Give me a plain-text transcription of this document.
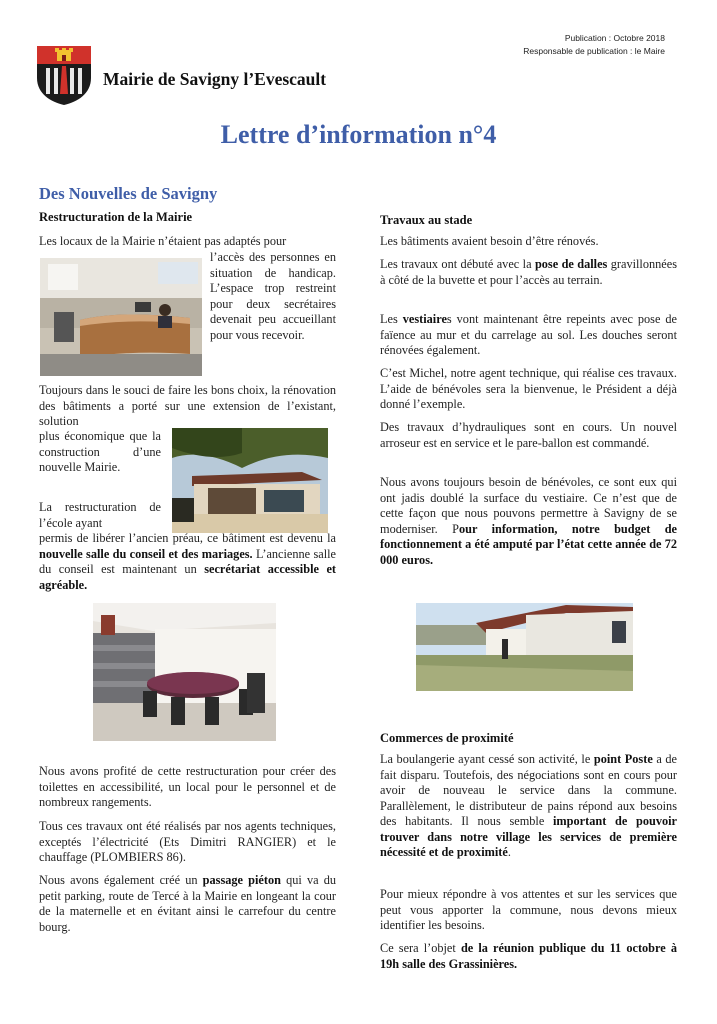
Publication : Octobre 2018
Responsable de publication : le Maire
Mairie de Savigny l’Evescault
Lettre d’information n°4
Des Nouvelles de Savigny
Restructuration de la Mairie

Les locaux de la Mairie n’étaient pas adaptés pour

l’accès des personnes en situation de handicap. L’espace trop restreint pour deux secrétaires devenait peu accueillant pour vous recevoir.

Toujours dans le souci de faire les bons choix, la rénovation des bâtiments a porté sur une extension de l’existant, solution

plus économique que la construction d’une nouvelle Mairie.

La restructuration de l’école ayant

permis de libérer l’ancien préau, ce bâtiment est devenu la nouvelle salle du conseil et des mariages. L’ancienne salle du conseil est maintenant un secrétariat accessible et agréable.

Nous avons profité de cette restructuration pour créer des toilettes en accessibilité, un local pour le personnel et de nombreux rangements.

Tous ces travaux ont été réalisés par nos agents techniques, exceptés l’électricité (Ets Dimitri RANGIER) et le chauffage (PLOMBIERS 86).

Nous avons également créé un passage piéton qui va du petit parking, route de Tercé à la Mairie en longeant la cour de la maternelle et en évitant ainsi le carrefour du centre bourg.

Travaux au stade

Les bâtiments avaient besoin d’être rénovés.

Les travaux ont débuté avec la pose de dalles gravillonnées à côté de la buvette et pour l’accès au terrain.

Les vestiaires vont maintenant être repeints avec pose de faïence au mur et du carrelage au sol. Les douches seront rénovées également.

C’est Michel, notre agent technique, qui réalise ces travaux. L’aide de bénévoles sera la bienvenue, le Président a déjà donné l’exemple.

Des travaux d’hydrauliques sont en cours. Un nouvel arroseur est en service et le pare-ballon est commandé.

Nous avons toujours besoin de bénévoles, ce sont eux qui ont jadis doublé la surface du vestiaire. Ce n’est que de cette façon que nous pouvons permettre à Savigny de se moderniser. Pour information, notre budget de fonctionnement a été amputé par l’état cette année de 72 000 euros.

Commerces de proximité

La boulangerie ayant cessé son activité, le point Poste a de fait disparu. Toutefois, des négociations sont en cours pour avoir de nouveau le service dans la commune. Parallèlement, le distributeur de pains répond aux besoins des habitants. Il nous semble important de pouvoir trouver dans notre village les services de première nécessité et de proximité.

Pour mieux répondre à vos attentes et sur les services que peut vous apporter la commune, nous devons mieux identifier les besoins.

Ce sera l’objet de la réunion publique du 11 octobre à 19h salle des Grassinières.
